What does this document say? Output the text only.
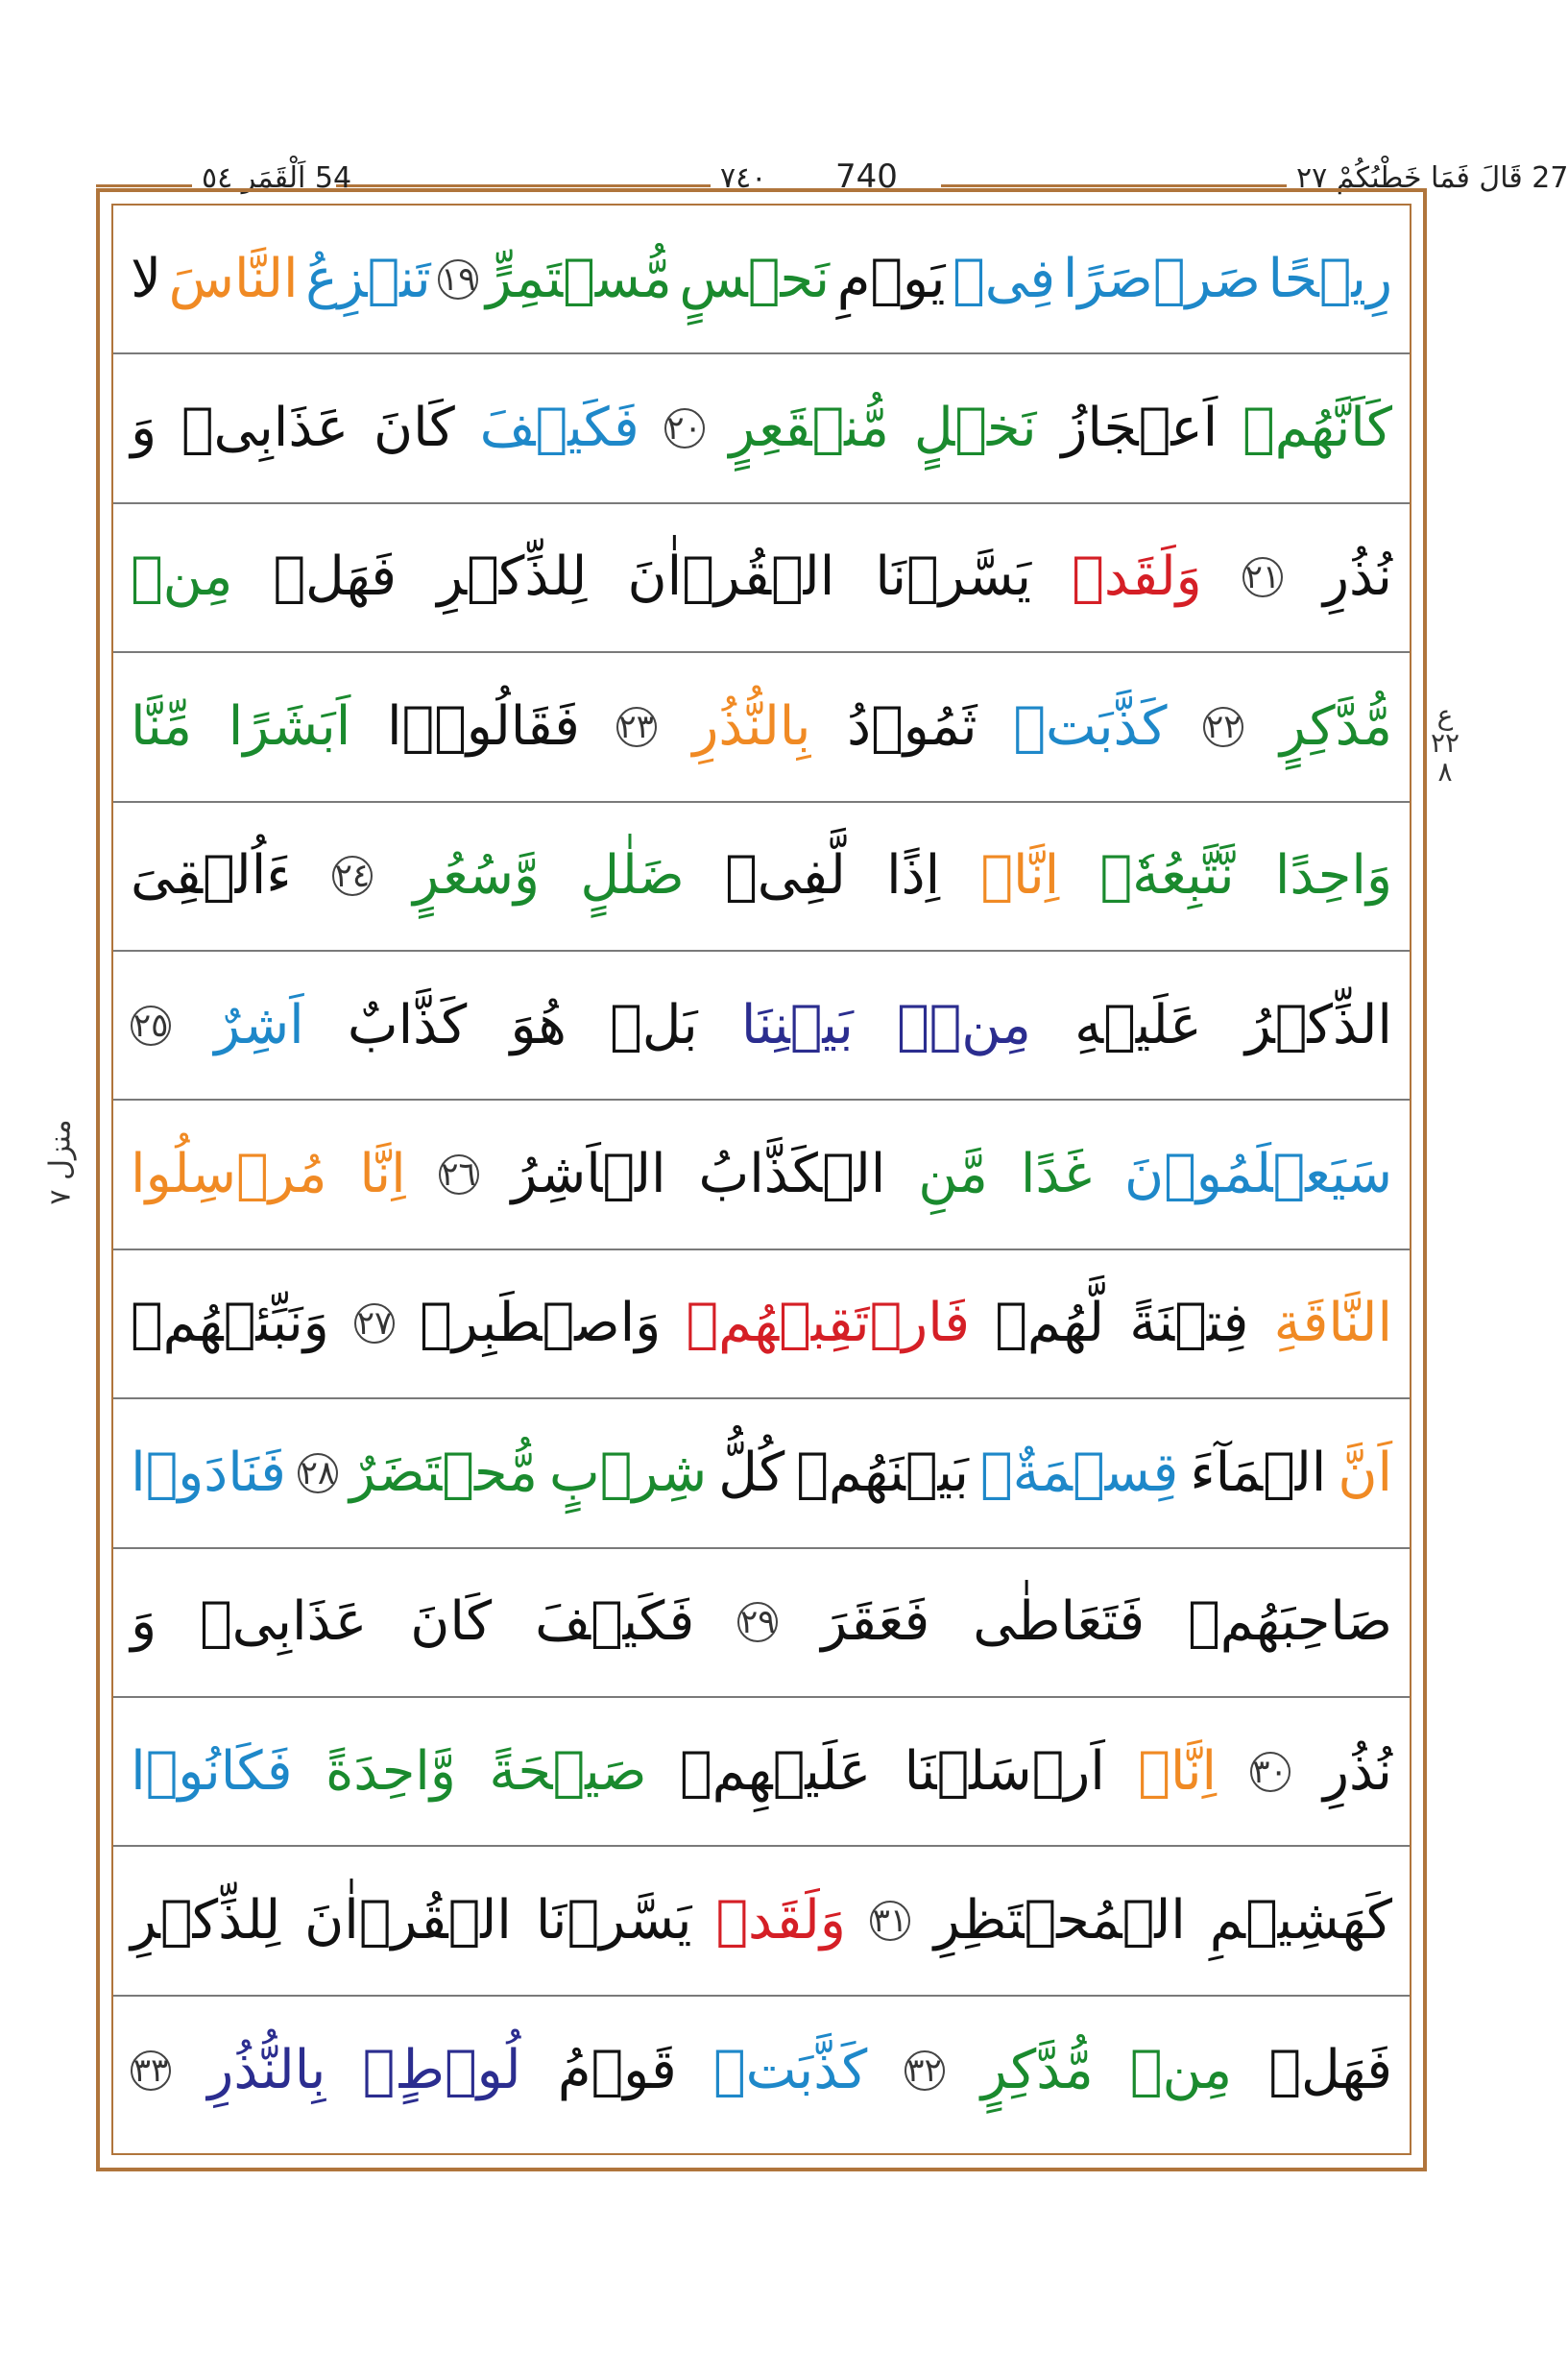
54 اَلْقَمَر ٥٤	٧٤٠ 740	27 قَالَ فَمَا خَطْبُكُمْ ٢٧
رِيۡحًا
صَرۡصَرًا
فِىۡ
يَوۡمِ
نَحۡسٍ
مُّسۡتَمِرٍّ
١٩
تَنۡزِعُ
النَّاسَ
لا
كَاَنَّهُمۡ
اَعۡجَازُ
نَخۡلٍ
مُّنۡقَعِرٍ
٢٠
فَكَيۡفَ
كَانَ
عَذَابِىۡ
وَ
نُذُرِ
٢١
وَلَقَدۡ
يَسَّرۡنَا
الۡقُرۡاٰنَ
لِلذِّكۡرِ
فَهَلۡ
مِنۡ
مُّدَّكِرٍ
٢٢
كَذَّبَتۡ
ثَمُوۡدُ
بِالنُّذُرِ
٢٣
فَقَالُوۡۤا
اَبَشَرًا
مِّنَّا
وَاحِدًا
نَّتَّبِعُهٗۤ
اِنَّاۤ
اِذًا
لَّفِىۡ
ضَلٰلٍ
وَّسُعُرٍ
٢٤
ءَاُلۡقِىَ
الذِّكۡرُ
عَلَيۡهِ
مِنۡۢ
بَيۡنِنَا
بَلۡ
هُوَ
كَذَّابٌ
اَشِرٌ
٢٥
سَيَعۡلَمُوۡنَ
غَدًا
مَّنِ
الۡكَذَّابُ
الۡاَشِرُ
٢٦
اِنَّا
مُرۡسِلُوا
النَّاقَةِ
فِتۡنَةً
لَّهُمۡ
فَارۡتَقِبۡهُمۡ
وَاصۡطَبِرۡ
٢٧
وَنَبِّئۡهُمۡ
اَنَّ
الۡمَآءَ
قِسۡمَةٌۢ
بَيۡنَهُمۡ
كُلُّ
شِرۡبٍ
مُّحۡتَضَرٌ
٢٨
فَنَادَوۡا
صَاحِبَهُمۡ
فَتَعَاطٰى
فَعَقَرَ
٢٩
فَكَيۡفَ
كَانَ
عَذَابِىۡ
وَ
نُذُرِ
٣٠
اِنَّاۤ
اَرۡسَلۡنَا
عَلَيۡهِمۡ
صَيۡحَةً
وَّاحِدَةً
فَكَانُوۡا
كَهَشِيۡمِ
الۡمُحۡتَظِرِ
٣١
وَلَقَدۡ
يَسَّرۡنَا
الۡقُرۡاٰنَ
لِلذِّكۡرِ
فَهَلۡ
مِنۡ
مُّدَّكِرٍ
٣٢
كَذَّبَتۡ
قَوۡمُ
لُوۡطٍۢ
بِالنُّذُرِ
٣٣
ع
٢٢
٨
منزل ٧
